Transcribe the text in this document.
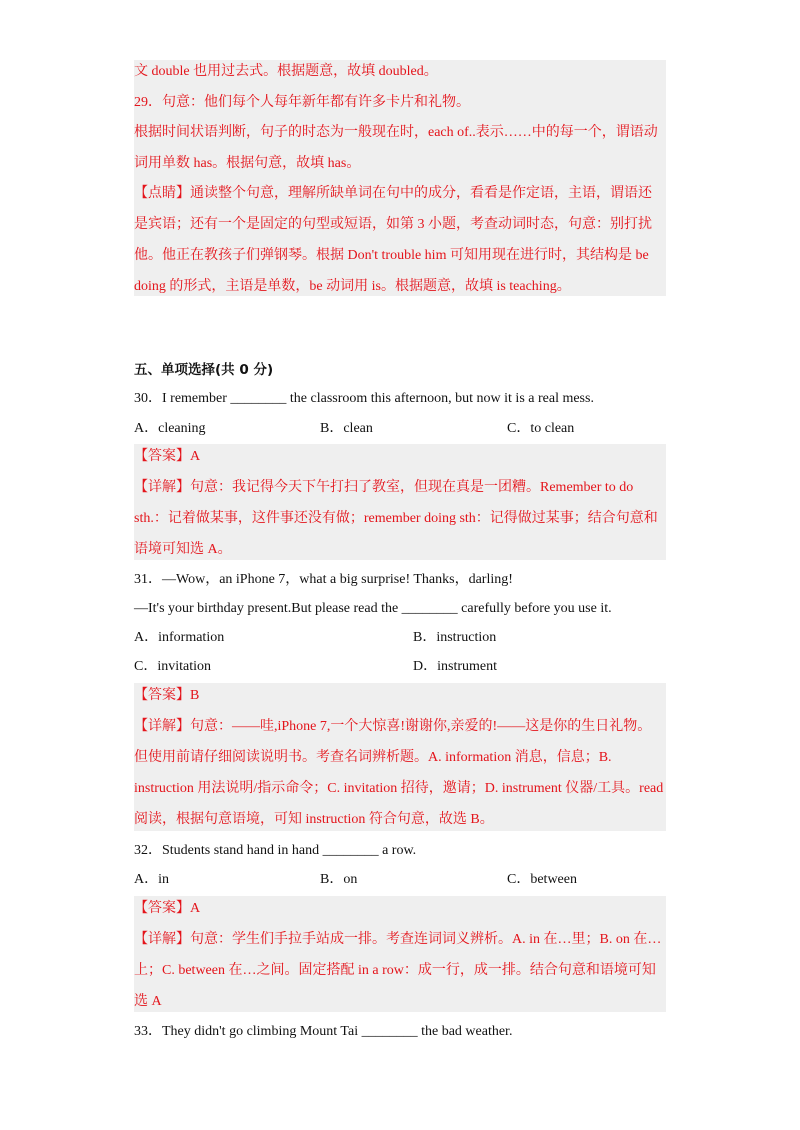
文 double 也用过去式。根据题意，故填 doubled。
29．句意：他们每个人每年新年都有许多卡片和礼物。
根据时间状语判断，句子的时态为一般现在时，each of..表示……中的每一个，谓语动
词用单数 has。根据句意，故填 has。
【点睛】通读整个句意，理解所缺单词在句中的成分，看看是作定语，主语，谓语还
是宾语；还有一个是固定的句型或短语，如第 3 小题，考查动词时态，句意：别打扰
他。他正在教孩子们弹钢琴。根据 Don't trouble him 可知用现在进行时，其结构是 be
doing 的形式，主语是单数，be 动词用 is。根据题意，故填 is teaching。
五、单项选择(共 0 分)
30．I remember ________ the classroom this afternoon, but now it is a real mess.
A．cleaning	B．clean	C．to clean
【答案】A
【详解】句意：我记得今天下午打扫了教室，但现在真是一团糟。Remember to do
sth.：记着做某事，这件事还没有做；remember doing sth：记得做过某事；结合句意和
语境可知选 A。
31．—Wow，an iPhone 7，what a big surprise! Thanks，darling!
—It's your birthday present.But please read the ________ carefully before you use it.
A．information	B．instruction
C．invitation	D．instrument
【答案】B
【详解】句意：——哇,iPhone 7,一个大惊喜!谢谢你,亲爱的!——这是你的生日礼物。
但使用前请仔细阅读说明书。考查名词辨析题。A. information 消息，信息；B.
instruction 用法说明/指示命令；C. invitation 招待，邀请；D. instrument 仪器/工具。read
阅读，根据句意语境，可知 instruction 符合句意，故选 B。
32．Students stand hand in hand ________ a row.
A．in	B．on	C．between
【答案】A
【详解】句意：学生们手拉手站成一排。考查连词词义辨析。A. in 在…里；B. on 在…
上；C. between 在…之间。固定搭配 in a row：成一行，成一排。结合句意和语境可知
选 A
33．They didn't go climbing Mount Tai ________ the bad weather.
